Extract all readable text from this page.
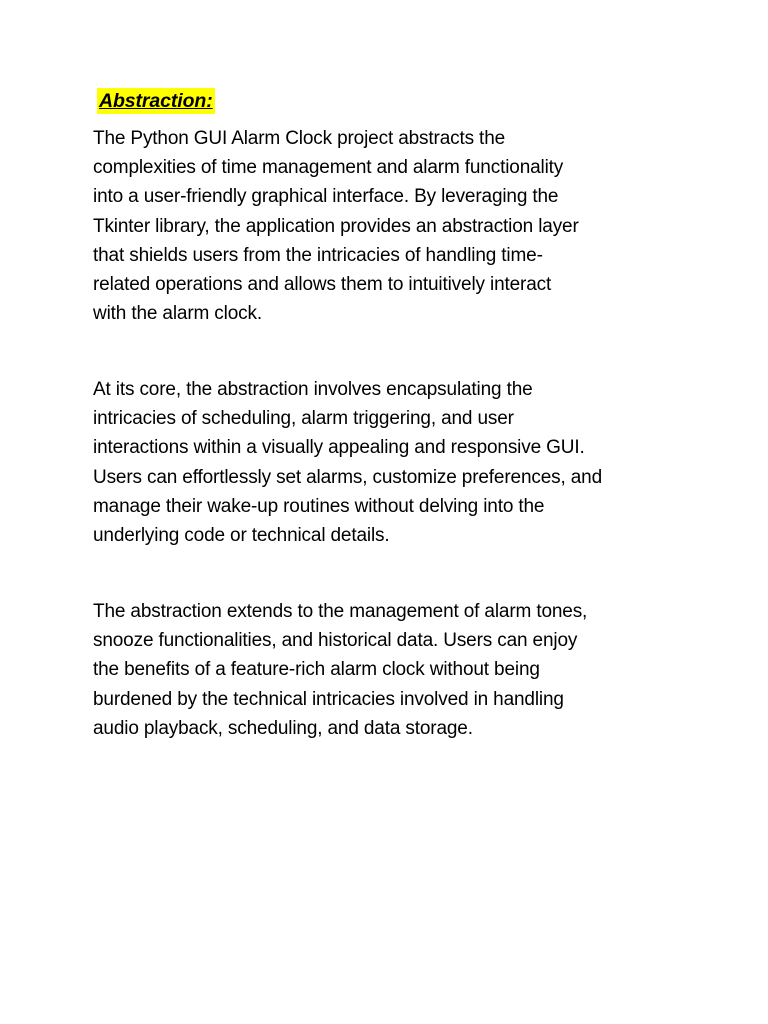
Abstraction:

The Python GUI Alarm Clock project abstracts the
complexities of time management and alarm functionality
into a user-friendly graphical interface. By leveraging the
Tkinter library, the application provides an abstraction layer
that shields users from the intricacies of handling time-
related operations and allows them to intuitively interact
with the alarm clock.

At its core, the abstraction involves encapsulating the
intricacies of scheduling, alarm triggering, and user
interactions within a visually appealing and responsive GUI.
Users can effortlessly set alarms, customize preferences, and
manage their wake-up routines without delving into the
underlying code or technical details.

The abstraction extends to the management of alarm tones,
snooze functionalities, and historical data. Users can enjoy
the benefits of a feature-rich alarm clock without being
burdened by the technical intricacies involved in handling
audio playback, scheduling, and data storage.
